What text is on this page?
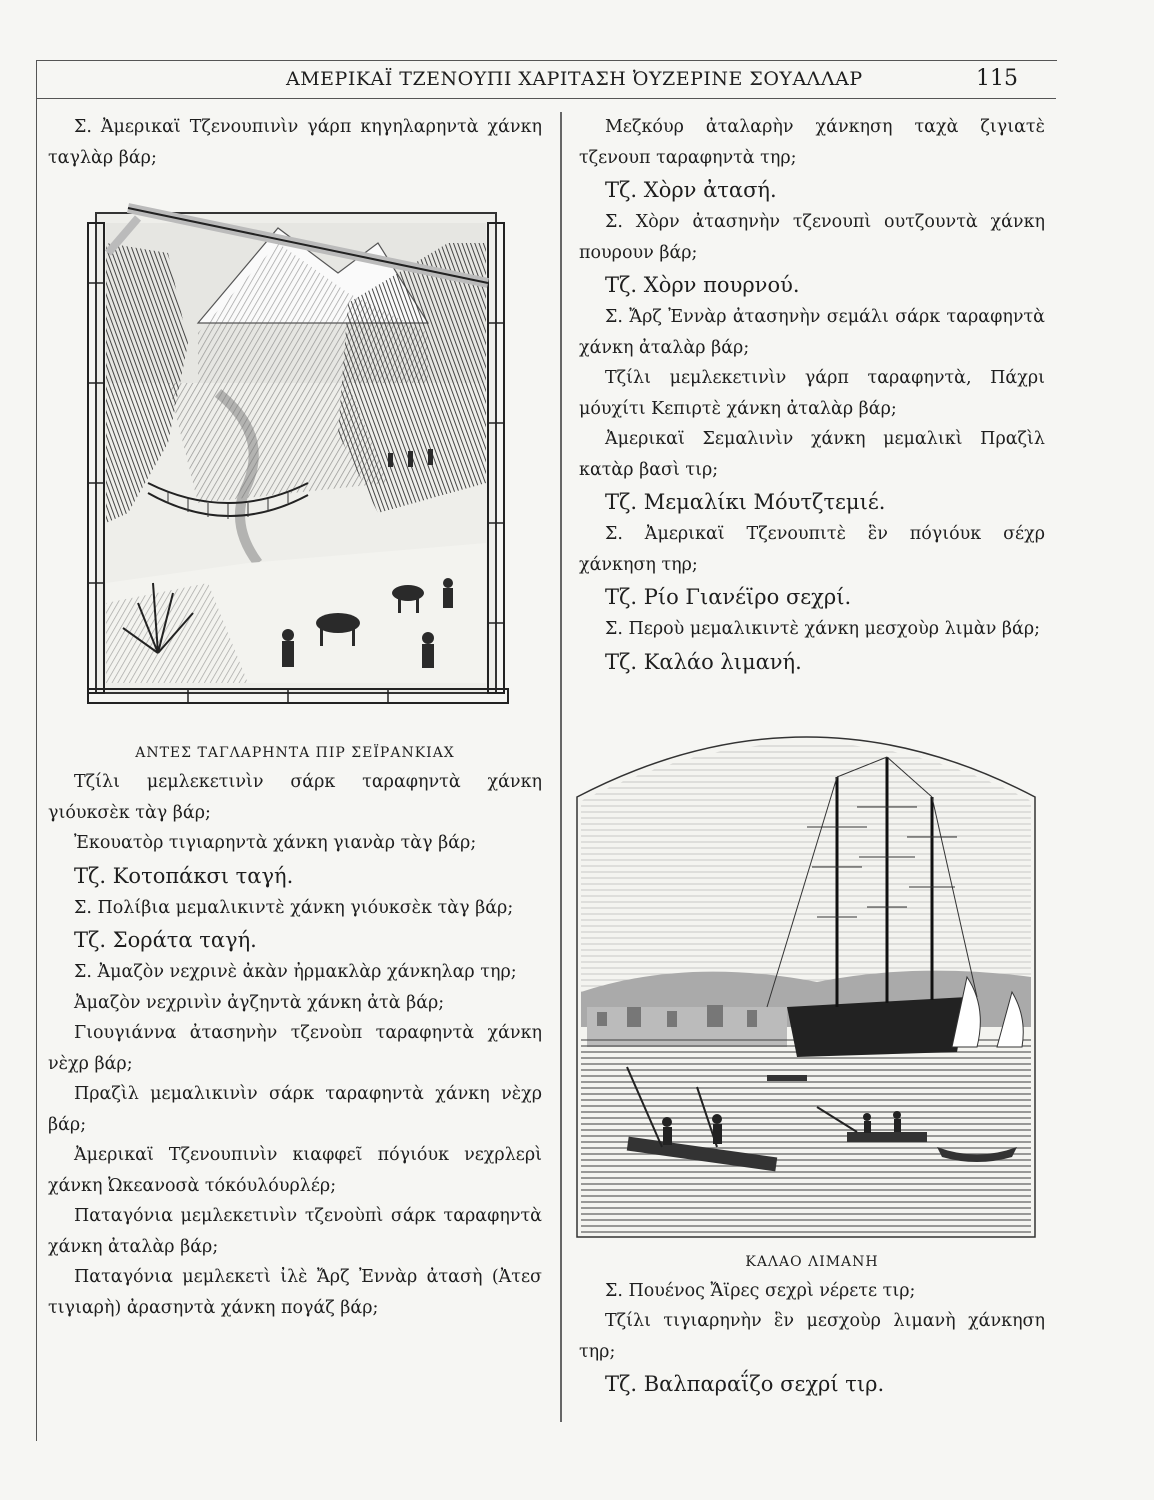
ΑΜΕΡΙΚΑΪ ΤΖΕΝΟΥΠΙ ΧΑΡΙΤΑΣΗ ὈΥΖΕΡΙΝΕ ΣΟΥΑΛΛΑΡ	115

Σ. Ἀμερικαϊ Τζενουπινὶν γάρπ κηγηλαρηντὰ χάνκη ταγλὰρ βάρ;

ΑΝΤΕΣ ΤΑΓΛΑΡΗΝΤΑ ΠΙΡ ΣΕΪΡΑΝΚΙΑΧ

Τζίλι μεμλεκετινὶν σάρκ ταραφηντὰ χάνκη γιόυκσὲκ τὰγ βάρ;

Ἐκουατὸρ τιγιαρηντὰ χάνκη γιανὰρ τὰγ βάρ;

Τζ. Κοτοπάκσι ταγή.

Σ. Πολίβια μεμαλικιντὲ χάνκη γιόυκσὲκ τὰγ βάρ;

Τζ. Σοράτα ταγή.

Σ. Ἀμαζὸν νεχρινὲ ἀκὰν ἠρμακλὰρ χάνκηλαρ τηρ;

Ἀμαζὸν νεχρινὶν ἀγζηντὰ χάνκη ἀτὰ βάρ;

Γιουγιάννα ἀτασηνὴν τζενοὺπ ταραφηντὰ χάνκη νὲχρ βάρ;

Πραζὶλ μεμαλικινὶν σάρκ ταραφηντὰ χάνκη νὲχρ βάρ;

Ἀμερικαϊ Τζενουπινὶν κιαφφεῖ πόγιόυκ νεχρλερὶ χάνκη Ὠκεανοσὰ τόκόυλόυρλέρ;

Παταγόνια μεμλεκετινὶν τζενοὺπὶ σάρκ ταραφηντὰ χάνκη ἀταλὰρ βάρ;

Παταγόνια μεμλεκετὶ ἰλὲ Ἄρζ Ἐννὰρ ἀτασὴ (Ἀτεσ τιγιαρὴ) ἀρασηντὰ χάνκη πογάζ βάρ;

Μεζκόυρ ἀταλαρὴν χάνκηση ταχὰ ζιγιατὲ τζενουπ ταραφηντὰ τηρ;

Τζ. Χὸρν ἀτασή.

Σ. Χὸρν ἀτασηνὴν τζενουπὶ ουτζουντὰ χάνκη πουρουν βάρ;

Τζ. Χὸρν πουρνού.

Σ. Ἄρζ Ἐννὰρ ἀτασηνὴν σεμάλι σάρκ ταραφηντὰ χάνκη ἀταλὰρ βάρ;

Τζίλι μεμλεκετινὶν γάρπ ταραφηντὰ, Πάχρι μόυχίτι Κεπιρτὲ χάνκη ἀταλὰρ βάρ;

Ἀμερικαϊ Σεμαλινὶν χάνκη μεμαλικὶ Πραζὶλ κατὰρ βασὶ τιρ;

Τζ. Μεμαλίκι Μόυτζτεμιέ.

Σ. Ἀμερικαϊ Τζενουπιτὲ ἓν πόγιόυκ σέχρ χάνκηση τηρ;

Τζ. Ρίο Γιανέϊρο σεχρί.

Σ. Περοὺ μεμαλικιντὲ χάνκη μεσχοὺρ λιμὰν βάρ;

Τζ. Καλάο λιμανή.

ΚΑΛΑΟ ΛΙΜΑΝΗ

Σ. Πουένος Ἄϊρες σεχρὶ νέρετε τιρ;

Τζίλι τιγιαρηνὴν ἓν μεσχοὺρ λιμανὴ χάνκηση τηρ;

Τζ. Βαλπαραΐζο σεχρί τιρ.
